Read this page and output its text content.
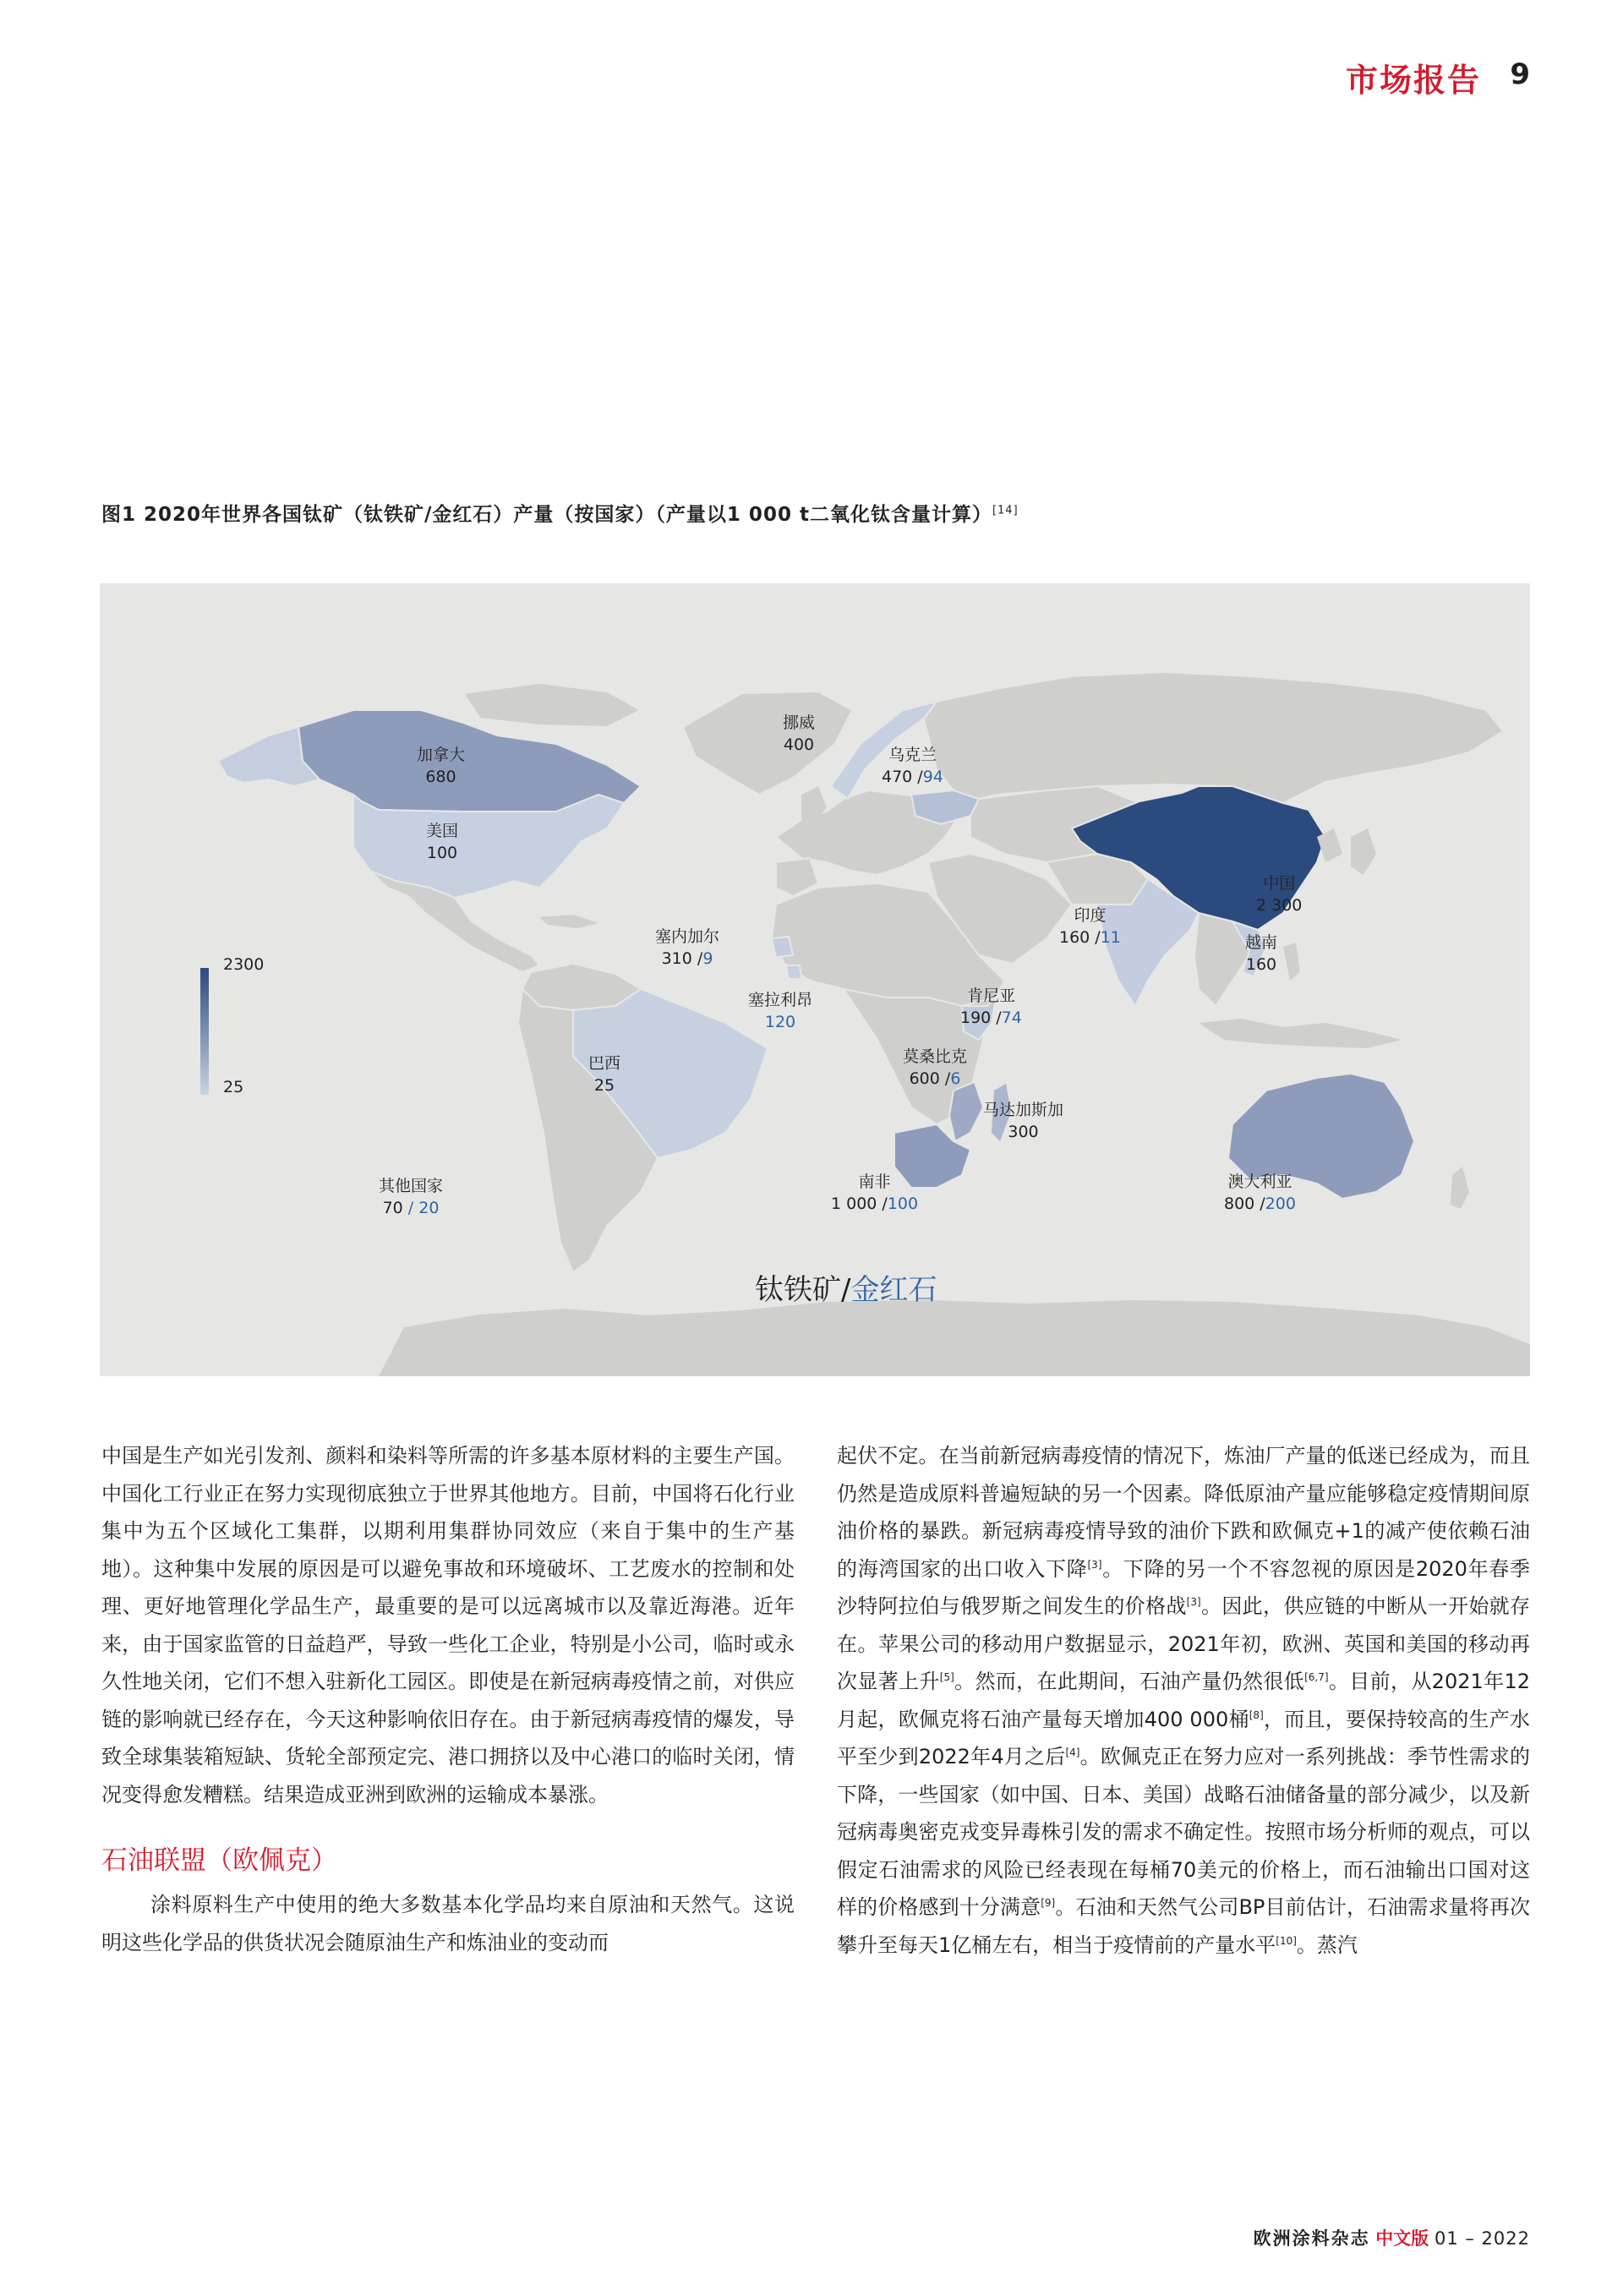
市场报告 9
图1 2020年世界各国钛矿（钛铁矿/金红石）产量（按国家）（产量以1 000 t二氧化钛含量计算）[14]
2300
25
加拿大
680
美国
100
挪威
400
乌克兰
470 /94
中国
2 300
印度
160 /11	越南
160
塞内加尔
310 /9
塞拉利昂
120
肯尼亚
190 /74
莫桑比克
600 /6
马达加斯加
300
巴西
25
南非
1 000 /100
澳大利亚
800 /200
其他国家
70 / 20
钛铁矿/金红石

中国是生产如光引发剂、颜料和染料等所需的许多基本原材料的主要生产国。中国化工行业正在努力实现彻底独立于世界其他地方。目前，中国将石化行业集中为五个区域化工集群，以期利用集群协同效应（来自于集中的生产基地）。这种集中发展的原因是可以避免事故和环境破坏、工艺废水的控制和处理、更好地管理化学品生产，最重要的是可以远离城市以及靠近海港。近年来，由于国家监管的日益趋严，导致一些化工企业，特别是小公司，临时或永久性地关闭，它们不想入驻新化工园区。即使是在新冠病毒疫情之前，对供应链的影响就已经存在，今天这种影响依旧存在。由于新冠病毒疫情的爆发，导致全球集装箱短缺、货轮全部预定完、港口拥挤以及中心港口的临时关闭，情况变得愈发糟糕。结果造成亚洲到欧洲的运输成本暴涨。

石油联盟（欧佩克）

涂料原料生产中使用的绝大多数基本化学品均来自原油和天然气。这说明这些化学品的供货状况会随原油生产和炼油业的变动而

起伏不定。在当前新冠病毒疫情的情况下，炼油厂产量的低迷已经成为，而且仍然是造成原料普遍短缺的另一个因素。降低原油产量应能够稳定疫情期间原油价格的暴跌。新冠病毒疫情导致的油价下跌和欧佩克+1的减产使依赖石油的海湾国家的出口收入下降[3]。下降的另一个不容忽视的原因是2020年春季沙特阿拉伯与俄罗斯之间发生的价格战[3]。因此，供应链的中断从一开始就存在。苹果公司的移动用户数据显示，2021年初，欧洲、英国和美国的移动再次显著上升[5]。然而，在此期间，石油产量仍然很低[6,7]。目前，从2021年12月起，欧佩克将石油产量每天增加400 000桶[8]，而且，要保持较高的生产水平至少到2022年4月之后[4]。欧佩克正在努力应对一系列挑战：季节性需求的下降，一些国家（如中国、日本、美国）战略石油储备量的部分减少，以及新冠病毒奥密克戎变异毒株引发的需求不确定性。按照市场分析师的观点，可以假定石油需求的风险已经表现在每桶70美元的价格上，而石油输出口国对这样的价格感到十分满意[9]。石油和天然气公司BP目前估计，石油需求量将再次攀升至每天1亿桶左右，相当于疫情前的产量水平[10]。蒸汽

欧洲涂料杂志 中文版 01 – 2022
